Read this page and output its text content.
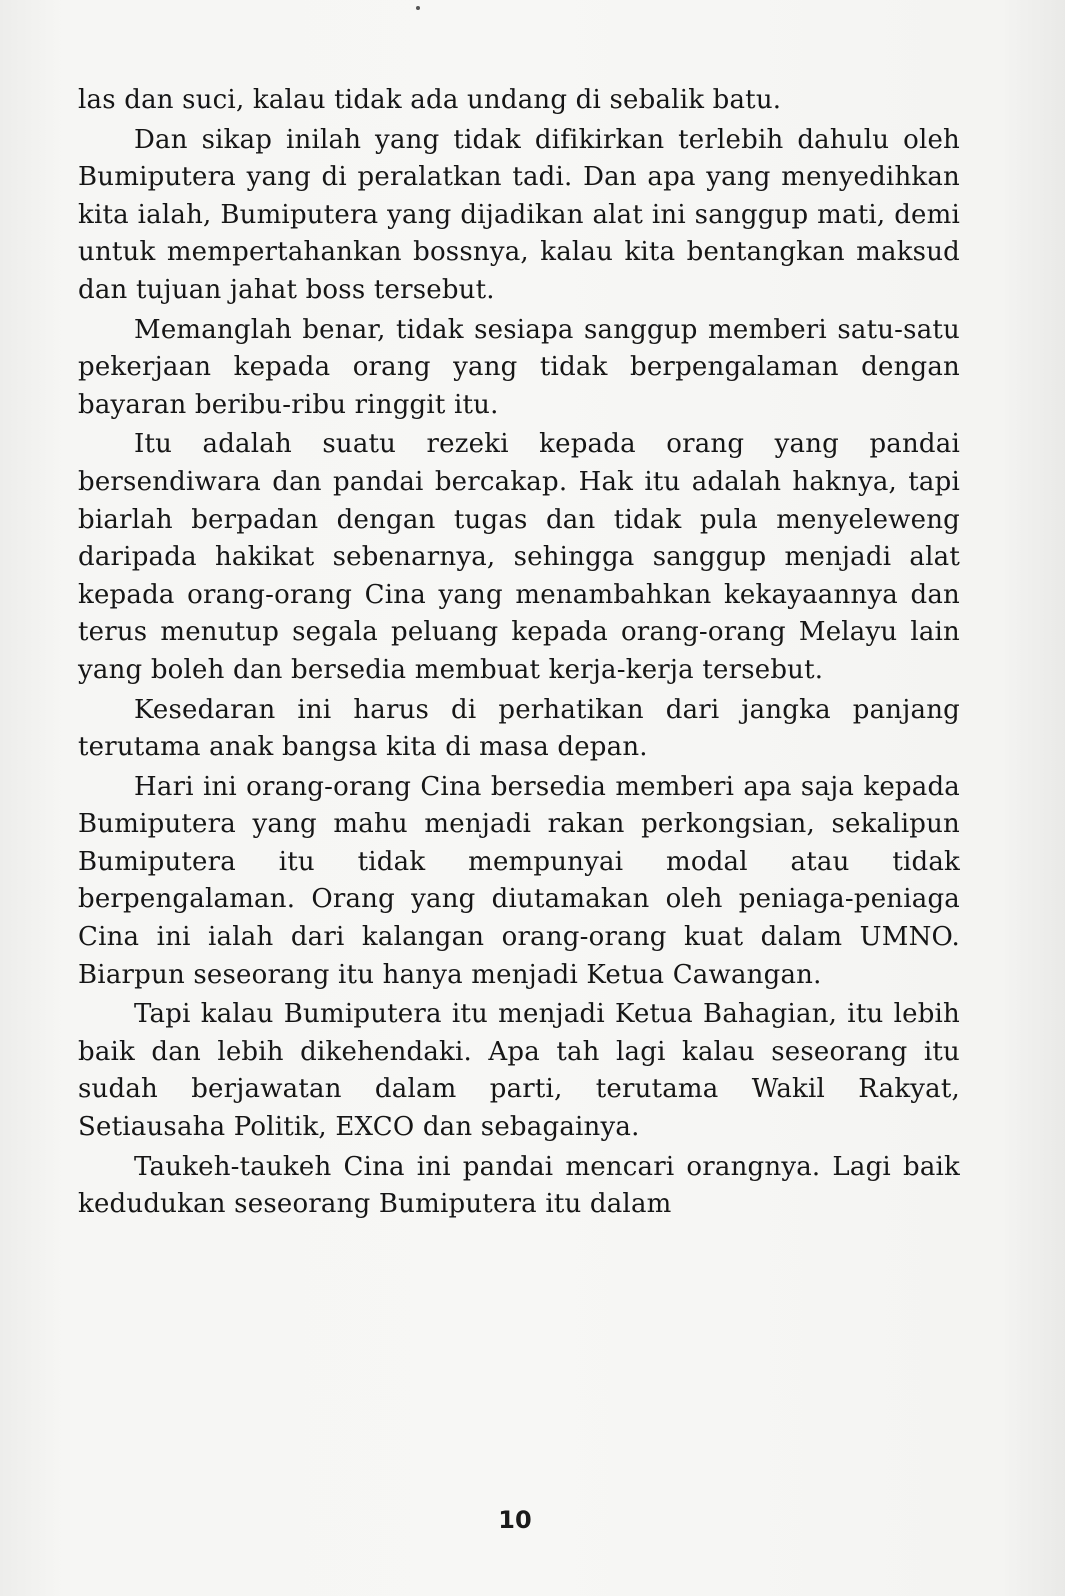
las dan suci, kalau tidak ada undang di sebalik batu.

Dan sikap inilah yang tidak difikirkan terlebih dahulu oleh Bumiputera yang di peralatkan tadi. Dan apa yang menyedihkan kita ialah, Bumiputera yang dijadikan alat ini sanggup mati, demi untuk mempertahankan bossnya, kalau kita bentangkan maksud dan tujuan jahat boss tersebut.

Memanglah benar, tidak sesiapa sanggup memberi satu-satu pekerjaan kepada orang yang tidak berpengalaman dengan bayaran beribu-ribu ringgit itu.

Itu adalah suatu rezeki kepada orang yang pandai bersendiwara dan pandai bercakap. Hak itu adalah haknya, tapi biarlah berpadan dengan tugas dan tidak pula menyeleweng daripada hakikat sebenarnya, sehingga sanggup menjadi alat kepada orang-orang Cina yang menambahkan kekayaannya dan terus menutup segala peluang kepada orang-orang Melayu lain yang boleh dan bersedia membuat kerja-kerja tersebut.

Kesedaran ini harus di perhatikan dari jangka panjang terutama anak bangsa kita di masa depan.

Hari ini orang-orang Cina bersedia memberi apa saja kepada Bumiputera yang mahu menjadi rakan perkongsian, sekalipun Bumiputera itu tidak mempunyai modal atau tidak berpengalaman. Orang yang diutamakan oleh peniaga-peniaga Cina ini ialah dari kalangan orang-orang kuat dalam UMNO. Biarpun seseorang itu hanya menjadi Ketua Cawangan.

Tapi kalau Bumiputera itu menjadi Ketua Bahagian, itu lebih baik dan lebih dikehendaki. Apa tah lagi kalau seseorang itu sudah berjawatan dalam parti, terutama Wakil Rakyat, Setiausaha Politik, EXCO dan sebagainya.

Taukeh-taukeh Cina ini pandai mencari orangnya. Lagi baik kedudukan seseorang Bumiputera itu dalam

10
